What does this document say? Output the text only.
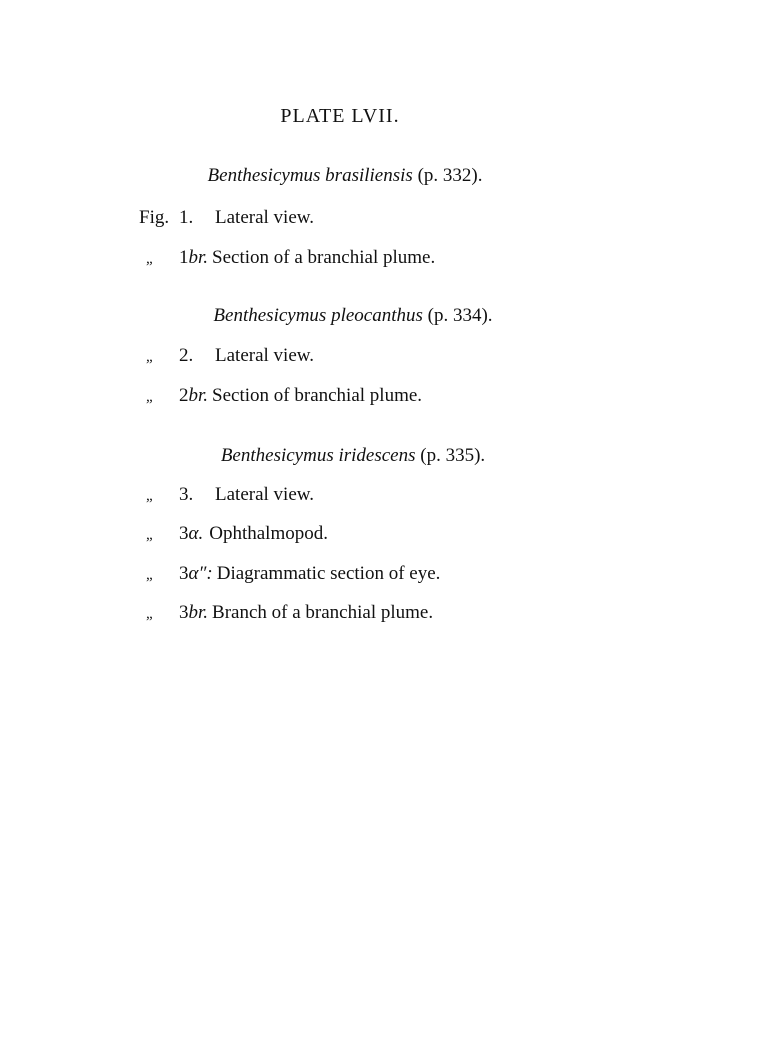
PLATE LVII.

Benthesicymus brasiliensis (p. 332).

Fig. 1.	Lateral view.
„	1br. Section of a branchial plume.

Benthesicymus pleocanthus (p. 334).

„	2.	Lateral view.
„	2br. Section of branchial plume.

Benthesicymus iridescens (p. 335).

„	3.	Lateral view.
„	3α. Ophthalmopod.
„	3α″: Diagrammatic section of eye.
„	3br. Branch of a branchial plume.
